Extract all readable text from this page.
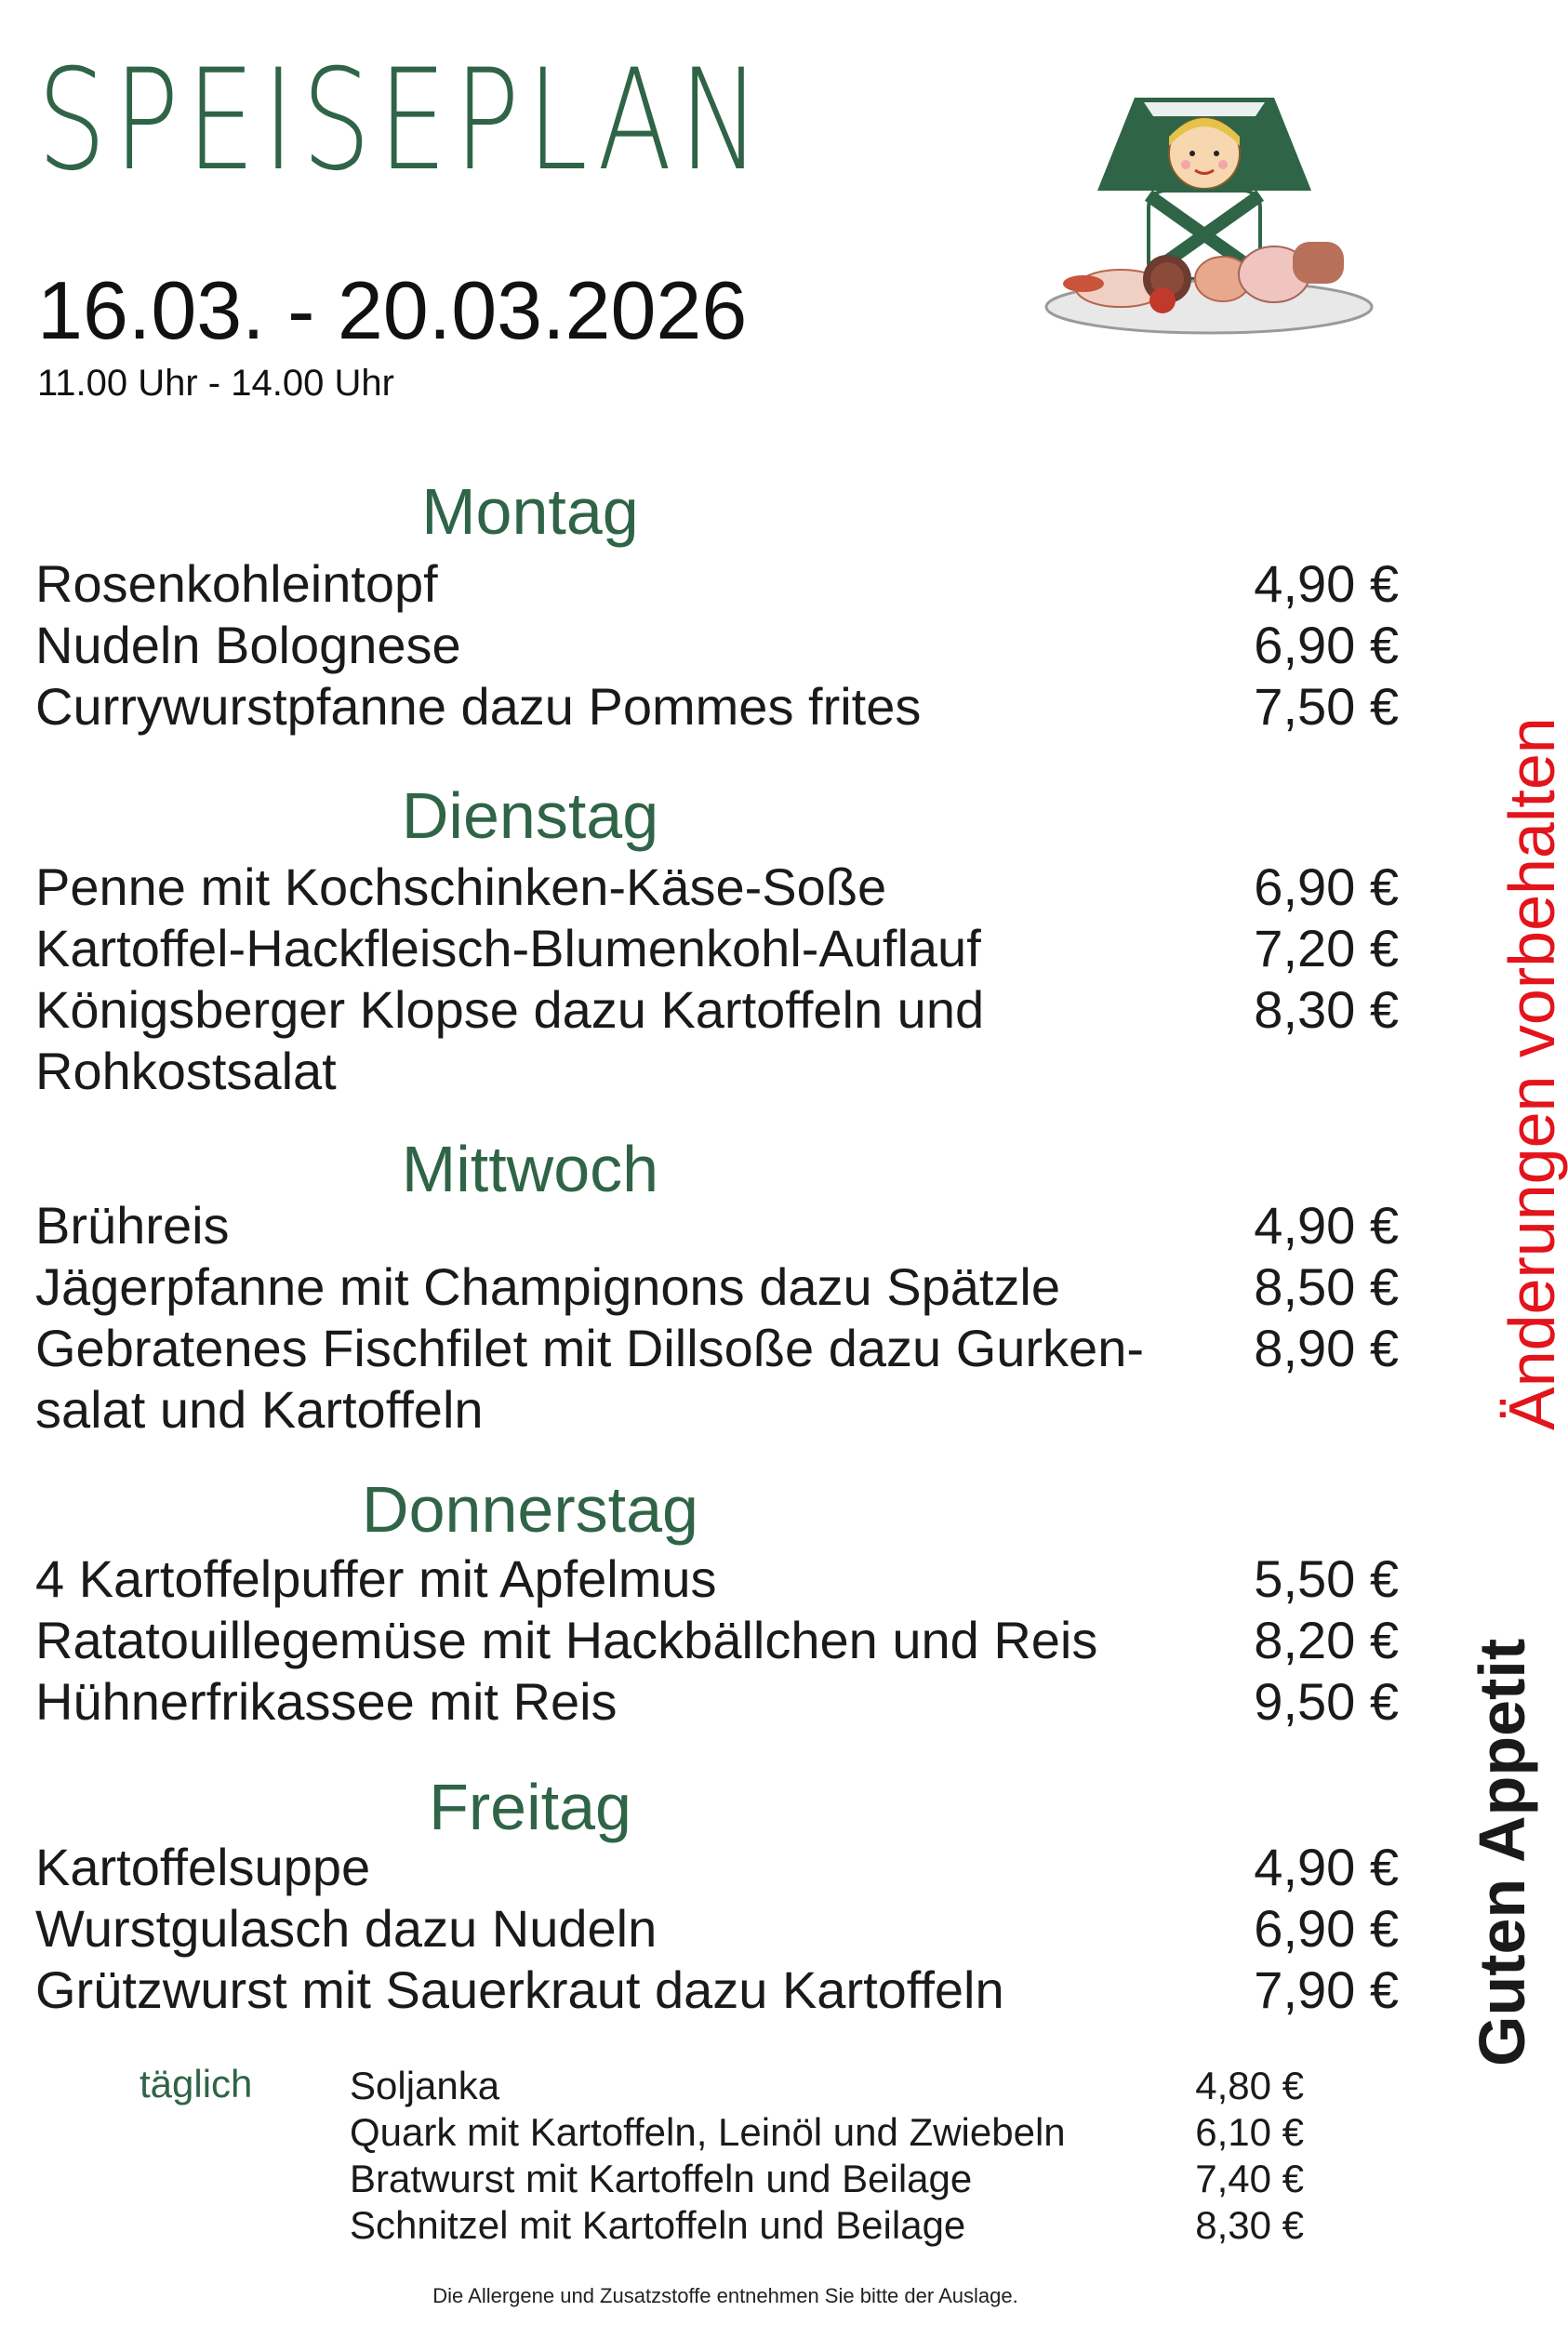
SPEISEPLAN
16.03. - 20.03.2026
11.00 Uhr - 14.00 Uhr
Montag
Rosenkohleintopf	4,90 €
Nudeln Bolognese	6,90 €
Currywurstpfanne dazu Pommes frites	7,50 €
Dienstag
Penne mit Kochschinken-Käse-Soße	6,90 €
Kartoffel-Hackfleisch-Blumenkohl-Auflauf	7,20 €
Königsberger Klopse dazu Kartoffeln und	8,30 €
Rohkostsalat
Mittwoch
Brühreis	4,90 €
Jägerpfanne mit Champignons dazu Spätzle	8,50 €
Gebratenes Fischfilet mit Dillsoße dazu Gurken- 8,90 €
salat und Kartoffeln
Donnerstag
4 Kartoffelpuffer mit Apfelmus	5,50 €
Ratatouillegemüse mit Hackbällchen und Reis	8,20 €
Hühnerfrikassee mit Reis	9,50 €
Freitag
Kartoffelsuppe	4,90 €
Wurstgulasch dazu Nudeln	6,90 €
Grützwurst mit Sauerkraut dazu Kartoffeln	7,90 €
täglich Soljanka	4,80 €
Quark mit Kartoffeln, Leinöl und Zwiebeln	6,10 €
Bratwurst mit Kartoffeln und Beilage	7,40 €
Schnitzel mit Kartoffeln und Beilage	8,30 €
Änderungen vorbehalten
Guten Appetit
Die Allergene und Zusatzstoffe entnehmen Sie bitte der Auslage.
